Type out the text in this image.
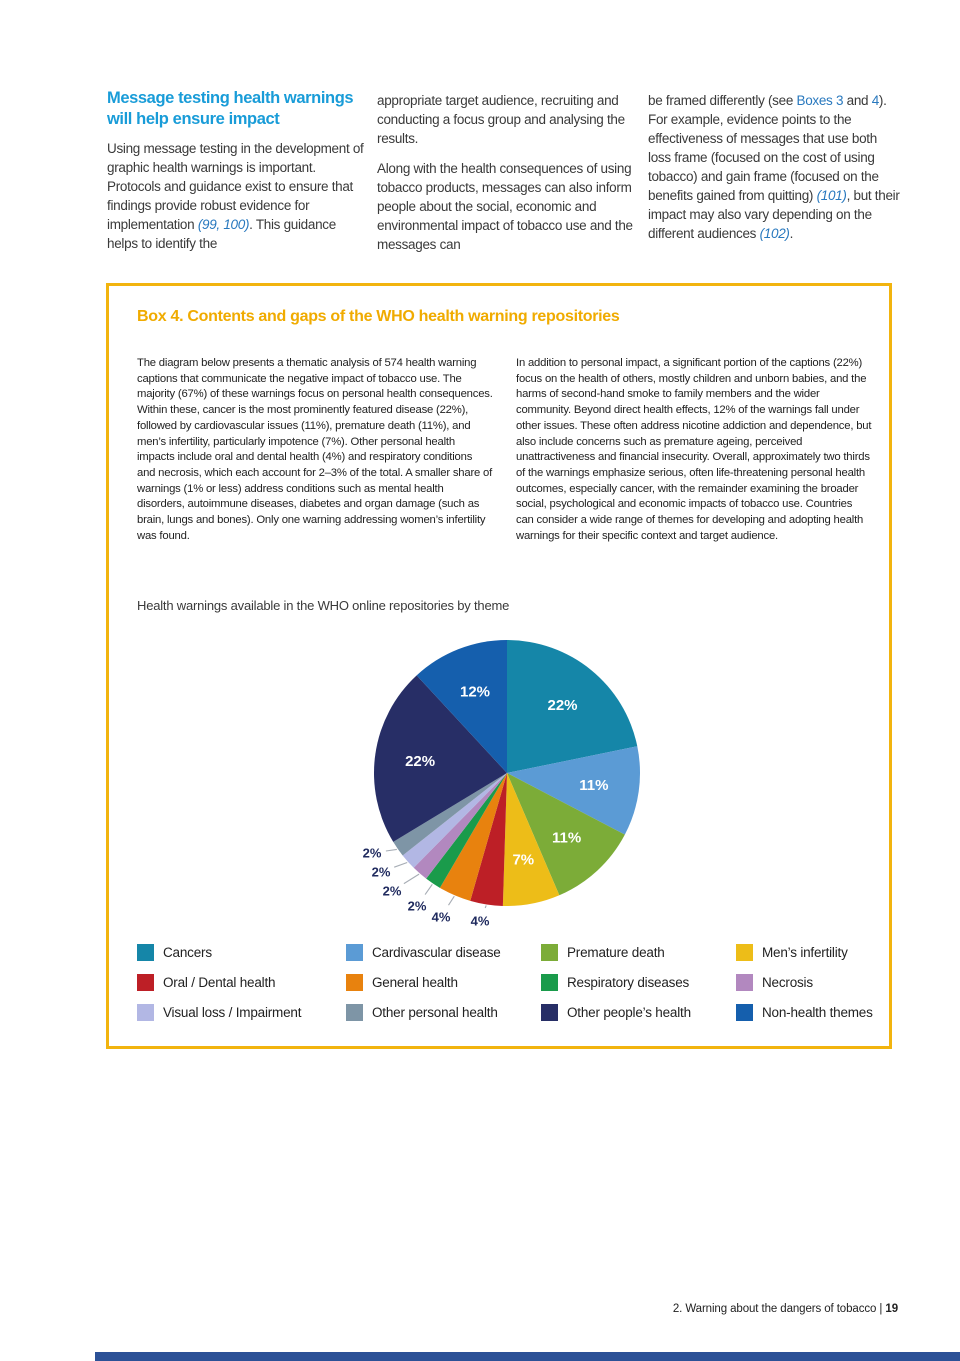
Message testing health warnings will help ensure impact

Using message testing in the development of graphic health warnings is important. Protocols and guidance exist to ensure that findings provide robust evidence for implementation (99, 100). This guidance helps to identify the

appropriate target audience, recruiting and conducting a focus group and analysing the results.

Along with the health consequences of using tobacco products, messages can also inform people about the social, economic and environmental impact of tobacco use and the messages can

be framed differently (see Boxes 3 and 4). For example, evidence points to the effectiveness of messages that use both loss frame (focused on the cost of using tobacco) and gain frame (focused on the benefits gained from quitting) (101), but their impact may also vary depending on the different audiences (102).

Box 4. Contents and gaps of the WHO health warning repositories
The diagram below presents a thematic analysis of 574 health warning captions that communicate the negative impact of tobacco use. The majority (67%) of these warnings focus on personal health consequences. Within these, cancer is the most prominently featured disease (22%), followed by cardiovascular issues (11%), premature death (11%), and men’s infertility, particularly impotence (7%). Other personal health impacts include oral and dental health (4%) and respiratory conditions and necrosis, which each account for 2–3% of the total. A smaller share of warnings (1% or less) address conditions such as mental health disorders, autoimmune diseases, diabetes and organ damage (such as brain, lungs and bones). Only one warning addressing women’s infertility was found.
In addition to personal impact, a significant portion of the captions (22%) focus on the health of others, mostly children and unborn babies, and the harms of second-hand smoke to family members and the wider community. Beyond direct health effects, 12% of the warnings fall under other issues. These often address nicotine addiction and dependence, but also include concerns such as premature ageing, perceived unattractiveness and financial insecurity. Overall, approximately two thirds of the warnings emphasize serious, often life-threatening personal health outcomes, especially cancer, with the remainder examining the broader social, psychological and economic impacts of tobacco use. Countries can consider a wide range of themes for developing and adopting health warnings for their specific context and target audience.
Health warnings available in the WHO online repositories by theme
22%
11%
11%
7%
4%
4%
2%
2%
2%
2%
22%
12%
Cancers	Cardivascular disease	Premature death	Men’s infertility
Oral / Dental health	General health	Respiratory diseases	Necrosis
Visual loss / Impairment	Other personal health	Other people’s health	Non-health themes
2. Warning about the dangers of tobacco | 19
